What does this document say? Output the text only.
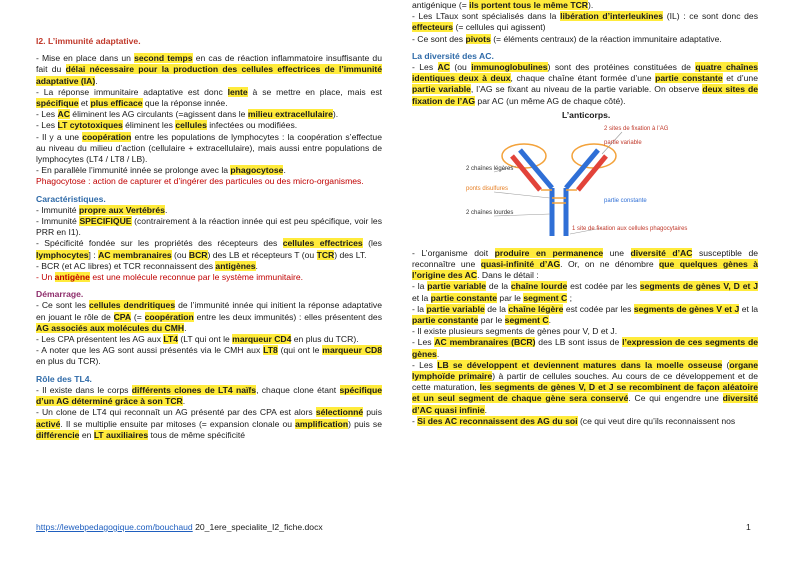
I2. L’immunité adaptative.

- Mise en place dans un second temps en cas de réaction inflammatoire insuffisante du fait du délai nécessaire pour la production des cellules effectrices de l’immunité adaptative (IA).

- La réponse immunitaire adaptative est donc lente à se mettre en place, mais est spécifique et plus efficace que la réponse innée.

- Les AC éliminent les AG circulants (=agissent dans le milieu extracellulaire).

- Les LT cytotoxiques éliminent les cellules infectées ou modifiées.

- Il y a une coopération entre les populations de lymphocytes : la coopération s’effectue au niveau du milieu d’action (cellulaire + extracellulaire), mais aussi entre populations de lymphocytes (LT4 / LT8 / LB).

- En parallèle l’immunité innée se prolonge avec la phagocytose.

Phagocytose : action de capturer et d’ingérer des particules ou des micro-organismes.

Caractéristiques.

- Immunité propre aux Vertébrés.

- Immunité SPECIFIQUE (contrairement à la réaction innée qui est peu spécifique, voir les PRR en I1).

- Spécificité fondée sur les propriétés des récepteurs des cellules effectrices (les lymphocytes] : AC membranaires (ou BCR) des LB et récepteurs T (ou TCR) des LT.

- BCR (et AC libres) et TCR reconnaissent des antigènes.

- Un antigène est une molécule reconnue par le système immunitaire.

Démarrage.

- Ce sont les cellules dendritiques de l’immunité innée qui initient la réponse adaptative en jouant le rôle de CPA (= coopération entre les deux immunités) : elles présentent des AG associés aux molécules du CMH.

- Les CPA présentent les AG aux LT4 (LT qui ont le marqueur CD4 en plus du TCR).

- A noter que les AG sont aussi présentés via le CMH aux LT8 (qui ont le marqueur CD8 en plus du TCR).

Rôle des TL4.

- Il existe dans le corps différents clones de LT4 naïfs, chaque clone étant spécifique d’un AG déterminé grâce à son TCR.

- Un clone de LT4 qui reconnaît un AG présenté par des CPA est alors sélectionné puis activé. Il se multiplie ensuite par mitoses (= expansion clonale ou amplification) puis se différencie en LT auxiliaires tous de même spécificité

antigénique (= ils portent tous le même TCR).

- Les LTaux sont spécialisés dans la libération d’interleukines (IL) : ce sont donc des effecteurs (= cellules qui agissent)

- Ce sont des pivots (= éléments centraux) de la réaction immunitaire adaptative.

La diversité des AC.

- Les AC (ou immunoglobulines) sont des protéines constituées de quatre chaînes identiques deux à deux, chaque chaîne étant formée d’une partie constante et d’une partie variable, l’AG se fixant au niveau de la partie variable. On observe deux sites de fixation de l’AG par AC (un même AG de chaque côté).

L’anticorps.
2 sites de fixation à l’AG
partie variable
2 chaînes légères
ponts disulfures
2 chaînes lourdes
partie constante
1 site de fixation aux cellules phagocytaires

- L’organisme doit produire en permanence une diversité d’AC susceptible de reconnaître une quasi-infinité d’AG. Or, on ne dénombre que quelques gènes à l’origine des AC. Dans le détail :

- la partie variable de la chaîne lourde est codée par les segments de gènes V, D et J et la partie constante par le segment C ;

- la partie variable de la chaîne légère est codée par les segments de gènes V et J et la partie constante par le segment C.

- Il existe plusieurs segments de gènes pour V, D et J.

- Les AC membranaires (BCR) des LB sont issus de l’expression de ces segments de gènes.

- Les LB se développent et deviennent matures dans la moelle osseuse (organe lymphoïde primaire) à partir de cellules souches. Au cours de ce développement et de cette maturation, les segments de gènes V, D et J se recombinent de façon aléatoire et un seul segment de chaque gène sera conservé. Ce qui engendre une diversité d’AC quasi infinie.

- Si des AC reconnaissent des AG du soi (ce qui veut dire qu’ils reconnaissent nos

https://lewebpedagogique.com/bouchaud 20_1ere_specialite_I2_fiche.docx	1
